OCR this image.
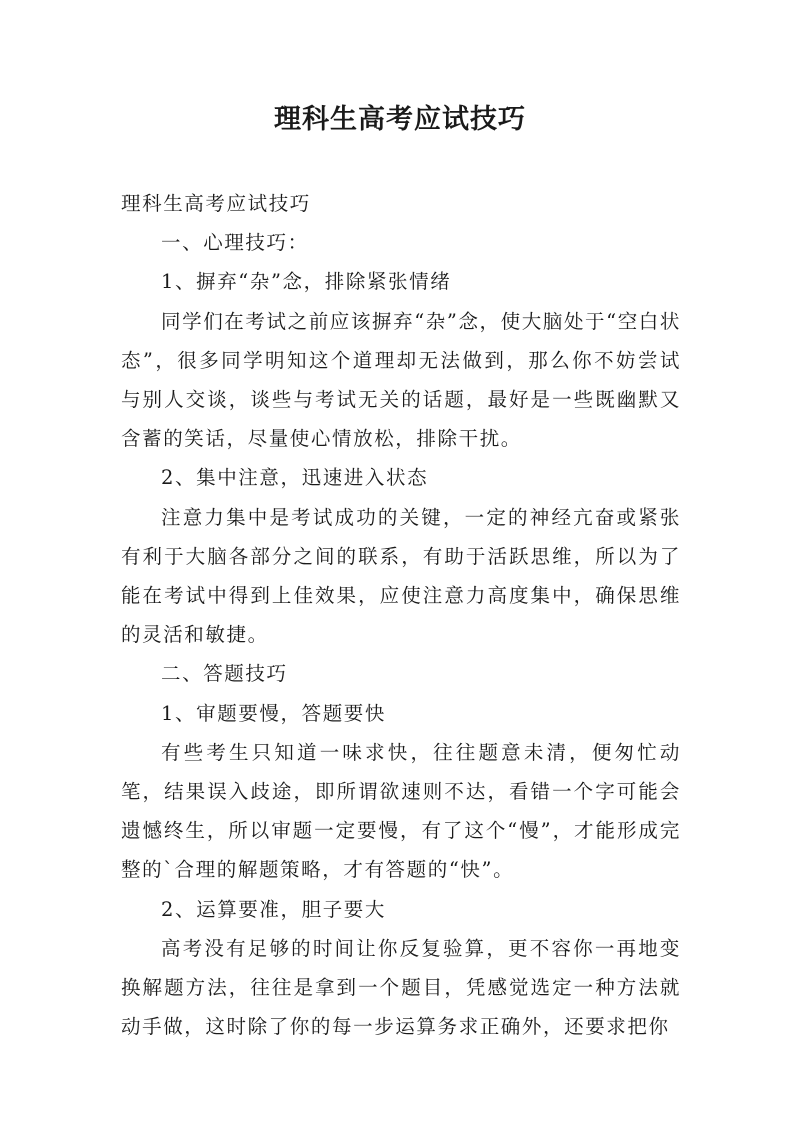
理科生高考应试技巧

理科生高考应试技巧

一、心理技巧：

1、摒弃“杂”念，排除紧张情绪

同学们在考试之前应该摒弃“杂”念，使大脑处于“空白状态”，很多同学明知这个道理却无法做到，那么你不妨尝试与别人交谈，谈些与考试无关的话题，最好是一些既幽默又含蓄的笑话，尽量使心情放松，排除干扰。

2、集中注意，迅速进入状态

注意力集中是考试成功的关键，一定的神经亢奋或紧张有利于大脑各部分之间的联系，有助于活跃思维，所以为了能在考试中得到上佳效果，应使注意力高度集中，确保思维的灵活和敏捷。

二、答题技巧

1、审题要慢，答题要快

有些考生只知道一味求快，往往题意未清，便匆忙动笔，结果误入歧途，即所谓欲速则不达，看错一个字可能会遗憾终生，所以审题一定要慢，有了这个“慢”，才能形成完整的`合理的解题策略，才有答题的“快”。

2、运算要准，胆子要大

高考没有足够的时间让你反复验算，更不容你一再地变换解题方法，往往是拿到一个题目，凭感觉选定一种方法就动手做，这时除了你的每一步运算务求正确外，还要求把你
